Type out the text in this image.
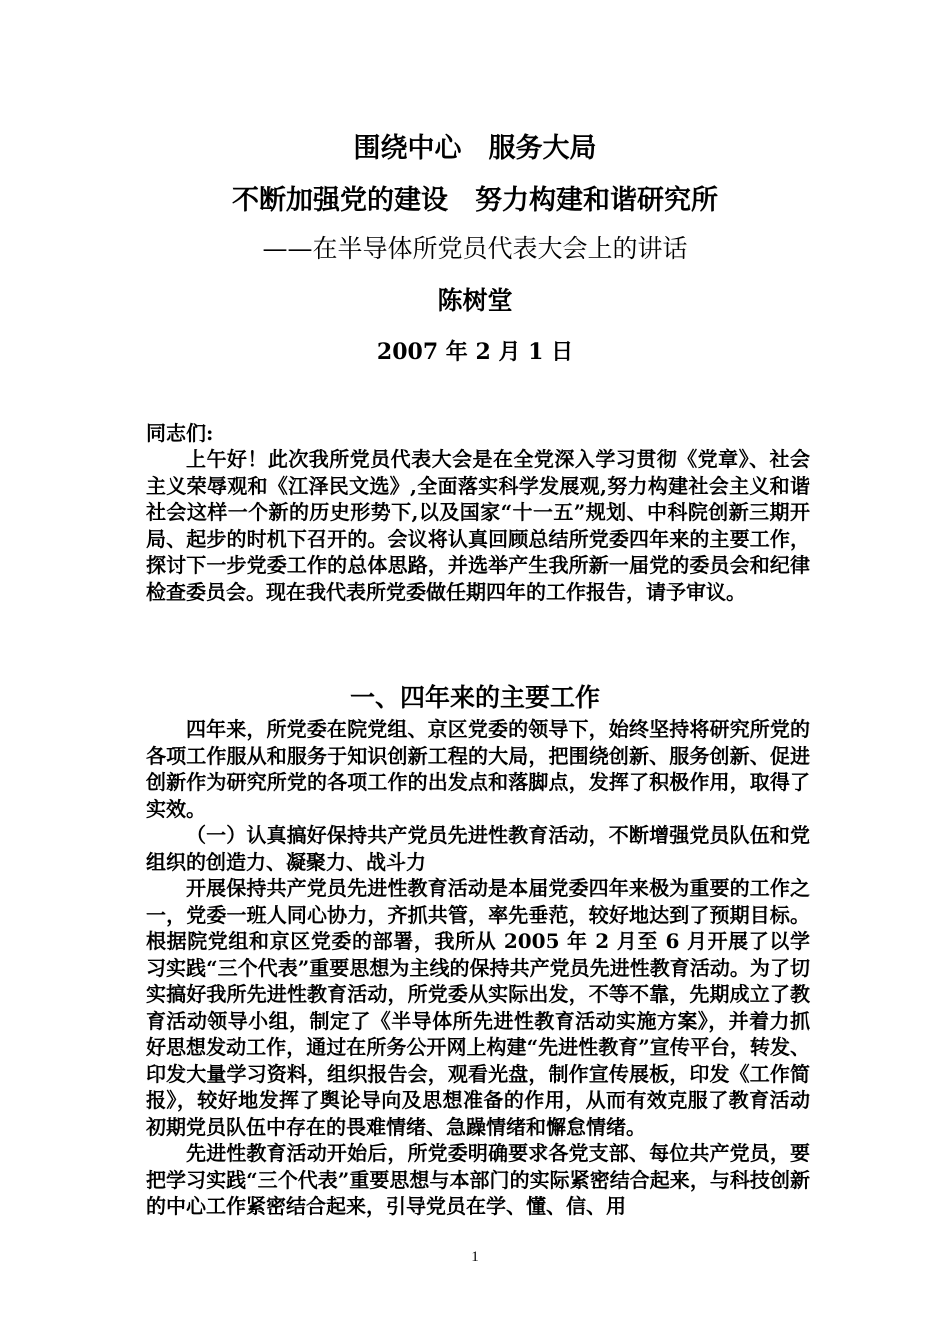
围绕中心　服务大局
不断加强党的建设　努力构建和谐研究所
——在半导体所党员代表大会上的讲话
陈树堂
2007 年 2 月 1 日

同志们:

上午好！此次我所党员代表大会是在全党深入学习贯彻《党章》、社会主义荣辱观和《江泽民文选》,全面落实科学发展观,努力构建社会主义和谐社会这样一个新的历史形势下,以及国家“十一五”规划、中科院创新三期开局、起步的时机下召开的。会议将认真回顾总结所党委四年来的主要工作，探讨下一步党委工作的总体思路，并选举产生我所新一届党的委员会和纪律检查委员会。现在我代表所党委做任期四年的工作报告，请予审议。

一、四年来的主要工作

四年来，所党委在院党组、京区党委的领导下，始终坚持将研究所党的各项工作服从和服务于知识创新工程的大局，把围绕创新、服务创新、促进创新作为研究所党的各项工作的出发点和落脚点，发挥了积极作用，取得了实效。

（一）认真搞好保持共产党员先进性教育活动，不断增强党员队伍和党组织的创造力、凝聚力、战斗力

开展保持共产党员先进性教育活动是本届党委四年来极为重要的工作之一，党委一班人同心协力，齐抓共管，率先垂范，较好地达到了预期目标。根据院党组和京区党委的部署，我所从 2005 年 2 月至 6 月开展了以学习实践“三个代表”重要思想为主线的保持共产党员先进性教育活动。为了切实搞好我所先进性教育活动，所党委从实际出发，不等不靠，先期成立了教育活动领导小组，制定了《半导体所先进性教育活动实施方案》，并着力抓好思想发动工作，通过在所务公开网上构建“先进性教育”宣传平台，转发、印发大量学习资料，组织报告会，观看光盘，制作宣传展板，印发《工作简报》，较好地发挥了舆论导向及思想准备的作用，从而有效克服了教育活动初期党员队伍中存在的畏难情绪、急躁情绪和懈怠情绪。

先进性教育活动开始后，所党委明确要求各党支部、每位共产党员，要把学习实践“三个代表”重要思想与本部门的实际紧密结合起来，与科技创新的中心工作紧密结合起来，引导党员在学、懂、信、用

1
